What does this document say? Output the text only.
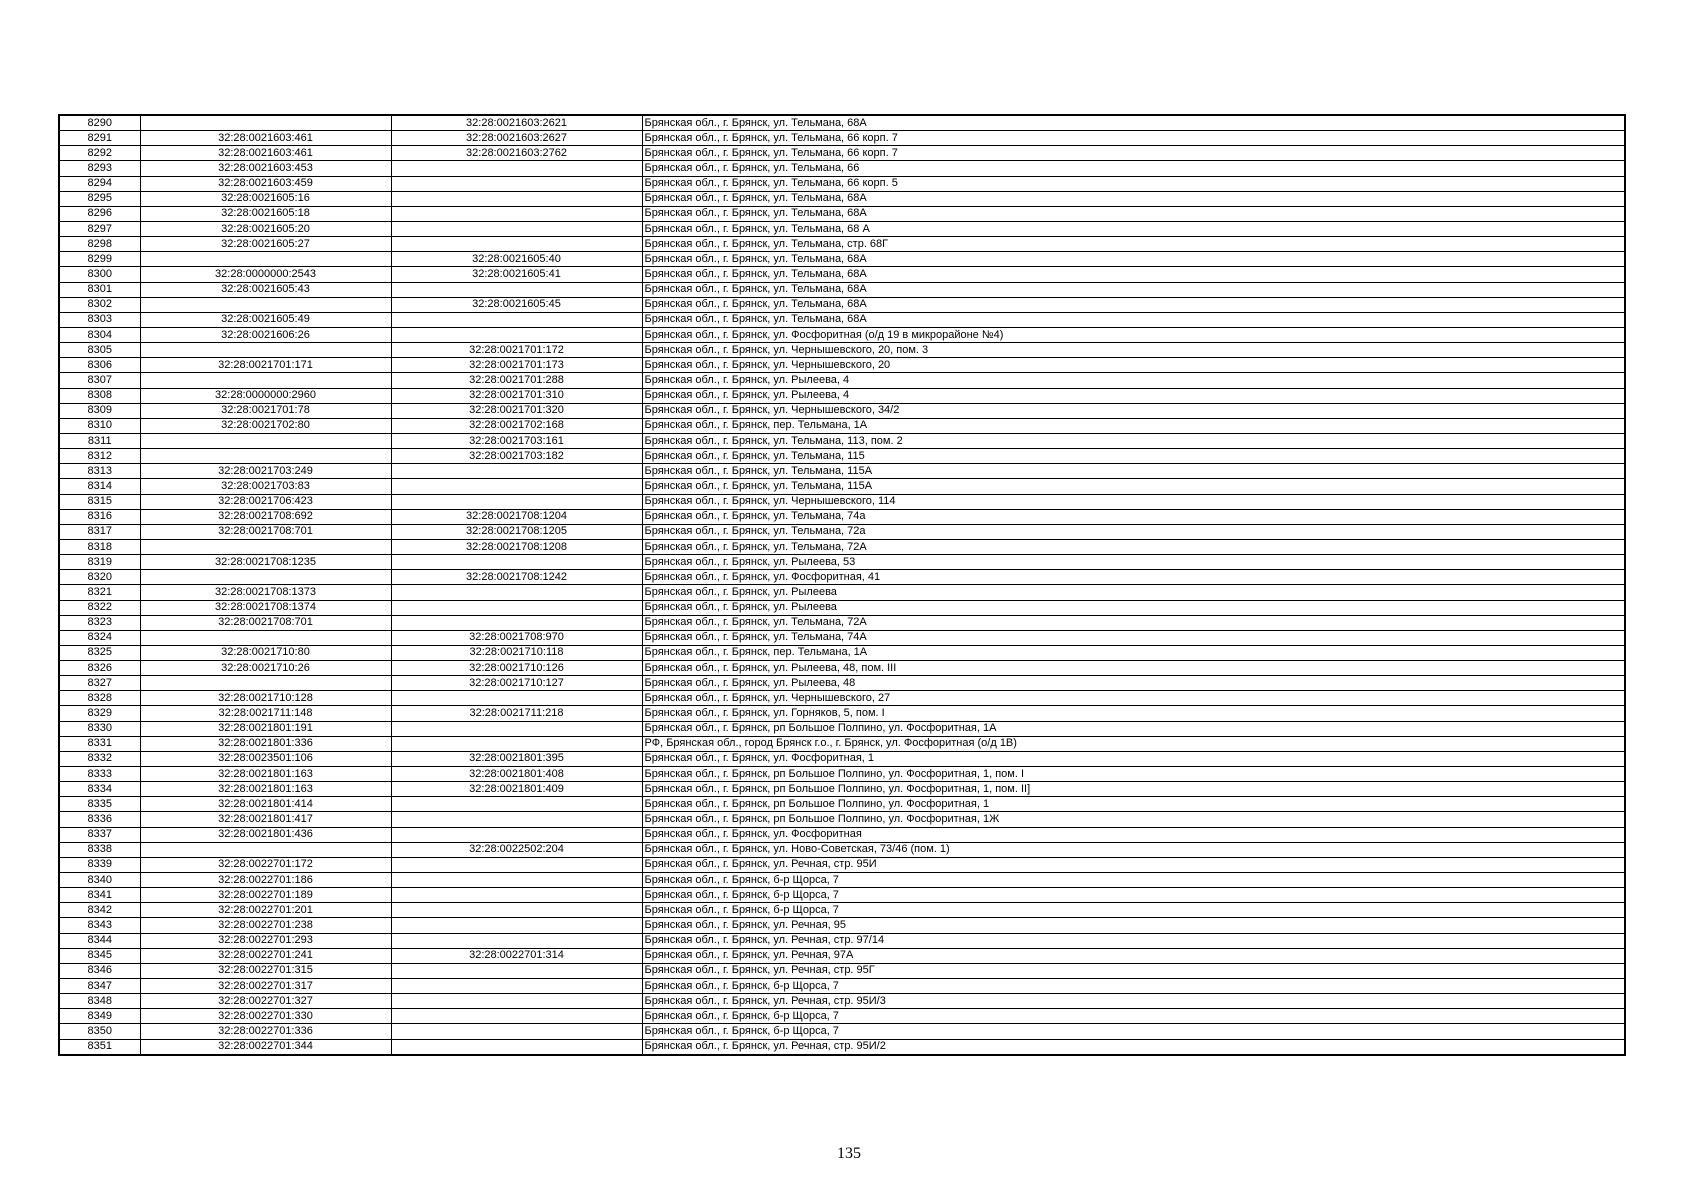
8290		32:28:0021603:2621	Брянская обл., г. Брянск, ул. Тельмана, 68А
8291	32:28:0021603:461	32:28:0021603:2627	Брянская обл., г. Брянск, ул. Тельмана, 66 корп. 7
8292	32:28:0021603:461	32:28:0021603:2762	Брянская обл., г. Брянск, ул. Тельмана, 66 корп. 7
8293	32:28:0021603:453		Брянская обл., г. Брянск, ул. Тельмана, 66
8294	32:28:0021603:459		Брянская обл., г. Брянск, ул. Тельмана, 66 корп. 5
8295	32:28:0021605:16		Брянская обл., г. Брянск, ул. Тельмана, 68А
8296	32:28:0021605:18		Брянская обл., г. Брянск, ул. Тельмана, 68А
8297	32:28:0021605:20		Брянская обл., г. Брянск, ул. Тельмана, 68 А
8298	32:28:0021605:27		Брянская обл., г. Брянск, ул. Тельмана, стр. 68Г
8299		32:28:0021605:40	Брянская обл., г. Брянск, ул. Тельмана, 68А
8300	32:28:0000000:2543	32:28:0021605:41	Брянская обл., г. Брянск, ул. Тельмана, 68А
8301	32:28:0021605:43		Брянская обл., г. Брянск, ул. Тельмана, 68А
8302		32:28:0021605:45	Брянская обл., г. Брянск, ул. Тельмана, 68А
8303	32:28:0021605:49		Брянская обл., г. Брянск, ул. Тельмана, 68А
8304	32:28:0021606:26		Брянская обл., г. Брянск, ул. Фосфоритная (о/д 19 в микрорайоне №4)
8305		32:28:0021701:172	Брянская обл., г. Брянск, ул. Чернышевского, 20, пом. 3
8306	32:28:0021701:171	32:28:0021701:173	Брянская обл., г. Брянск, ул. Чернышевского, 20
8307		32:28:0021701:288	Брянская обл., г. Брянск, ул. Рылеева, 4
8308	32:28:0000000:2960	32:28:0021701:310	Брянская обл., г. Брянск, ул. Рылеева, 4
8309	32:28:0021701:78	32:28:0021701:320	Брянская обл., г. Брянск, ул. Чернышевского, 34/2
8310	32:28:0021702:80	32:28:0021702:168	Брянская обл., г. Брянск, пер. Тельмана, 1А
8311		32:28:0021703:161	Брянская обл., г. Брянск, ул. Тельмана, 113, пом. 2
8312		32:28:0021703:182	Брянская обл., г. Брянск, ул. Тельмана, 115
8313	32:28:0021703:249		Брянская обл., г. Брянск, ул. Тельмана, 115А
8314	32:28:0021703:83		Брянская обл., г. Брянск, ул. Тельмана, 115А
8315	32:28:0021706:423		Брянская обл., г. Брянск, ул. Чернышевского, 114
8316	32:28:0021708:692	32:28:0021708:1204	Брянская обл., г. Брянск, ул. Тельмана, 74а
8317	32:28:0021708:701	32:28:0021708:1205	Брянская обл., г. Брянск, ул. Тельмана, 72а
8318		32:28:0021708:1208	Брянская обл., г. Брянск, ул. Тельмана, 72А
8319	32:28:0021708:1235		Брянская обл., г. Брянск, ул. Рылеева, 53
8320		32:28:0021708:1242	Брянская обл., г. Брянск, ул. Фосфоритная, 41
8321	32:28:0021708:1373		Брянская обл., г. Брянск, ул. Рылеева
8322	32:28:0021708:1374		Брянская обл., г. Брянск, ул. Рылеева
8323	32:28:0021708:701		Брянская обл., г. Брянск, ул. Тельмана, 72А
8324		32:28:0021708:970	Брянская обл., г. Брянск, ул. Тельмана, 74А
8325	32:28:0021710:80	32:28:0021710:118	Брянская обл., г. Брянск, пер. Тельмана, 1А
8326	32:28:0021710:26	32:28:0021710:126	Брянская обл., г. Брянск, ул. Рылеева, 48, пом. III
8327		32:28:0021710:127	Брянская обл., г. Брянск, ул. Рылеева, 48
8328	32:28:0021710:128		Брянская обл., г. Брянск, ул. Чернышевского, 27
8329	32:28:0021711:148	32:28:0021711:218	Брянская обл., г. Брянск, ул. Горняков, 5, пом. I
8330	32:28:0021801:191		Брянская обл., г. Брянск, рп Большое Полпино, ул. Фосфоритная, 1А
8331	32:28:0021801:336		РФ, Брянская обл., город Брянск г.о., г. Брянск, ул. Фосфоритная (о/д 1В)
8332	32:28:0023501:106	32:28:0021801:395	Брянская обл., г. Брянск, ул. Фосфоритная, 1
8333	32:28:0021801:163	32:28:0021801:408	Брянская обл., г. Брянск, рп Большое Полпино, ул. Фосфоритная, 1, пом. I
8334	32:28:0021801:163	32:28:0021801:409	Брянская обл., г. Брянск, рп Большое Полпино, ул. Фосфоритная, 1, пом. II]
8335	32:28:0021801:414		Брянская обл., г. Брянск, рп Большое Полпино, ул. Фосфоритная, 1
8336	32:28:0021801:417		Брянская обл., г. Брянск, рп Большое Полпино, ул. Фосфоритная, 1Ж
8337	32:28:0021801:436		Брянская обл., г. Брянск, ул. Фосфоритная
8338		32:28:0022502:204	Брянская обл., г. Брянск, ул. Ново-Советская, 73/46 (пом. 1)
8339	32:28:0022701:172		Брянская обл., г. Брянск, ул. Речная, стр. 95И
8340	32:28:0022701:186		Брянская обл., г. Брянск, б-р Щорса, 7
8341	32:28:0022701:189		Брянская обл., г. Брянск, б-р Щорса, 7
8342	32:28:0022701:201		Брянская обл., г. Брянск, б-р Щорса, 7
8343	32:28:0022701:238		Брянская обл., г. Брянск, ул. Речная, 95
8344	32:28:0022701:293		Брянская обл., г. Брянск, ул. Речная, стр. 97/14
8345	32:28:0022701:241	32:28:0022701:314	Брянская обл., г. Брянск, ул. Речная, 97А
8346	32:28:0022701:315		Брянская обл., г. Брянск, ул. Речная, стр. 95Г
8347	32:28:0022701:317		Брянская обл., г. Брянск, б-р Щорса, 7
8348	32:28:0022701:327		Брянская обл., г. Брянск, ул. Речная, стр. 95И/3
8349	32:28:0022701:330		Брянская обл., г. Брянск, б-р Щорса, 7
8350	32:28:0022701:336		Брянская обл., г. Брянск, б-р Щорса, 7
8351	32:28:0022701:344		Брянская обл., г. Брянск, ул. Речная, стр. 95И/2
135
